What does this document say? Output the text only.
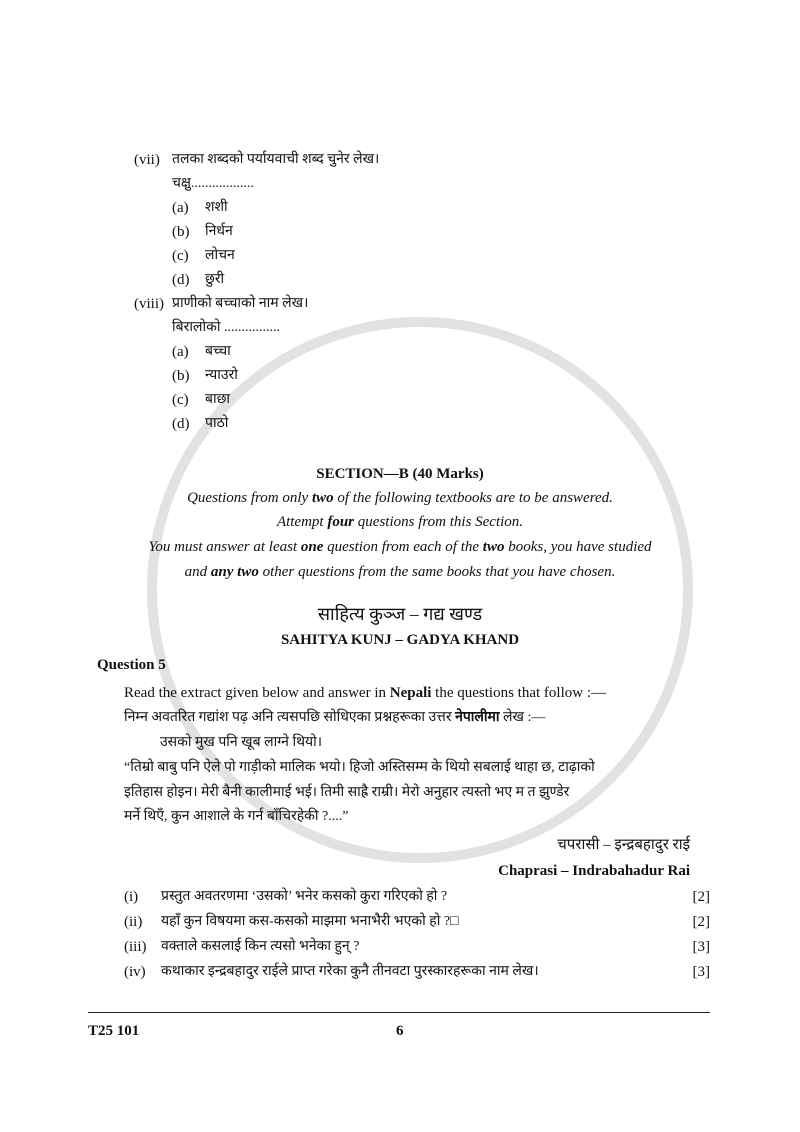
(vii) तलका शब्दको पर्यायवाची शब्द चुनेर लेख।
चक्षु..................
(a)	शशी
(b)	निर्धन
(c)	लोचन
(d)	छुरी
(viii) प्राणीको बच्चाको नाम लेख।
बिरालोको ................
(a)	बच्चा
(b)	न्याउरो
(c)	बाछा
(d)	पाठो
SECTION—B (40 Marks)
Questions from only two of the following textbooks are to be answered.
Attempt four questions from this Section.
You must answer at least one question from each of the two books, you have studied
and any two other questions from the same books that you have chosen.
साहित्य कुञ्ज – गद्य खण्ड
SAHITYA KUNJ – GADYA KHAND
Question 5
Read the extract given below and answer in Nepali the questions that follow :—
निम्न अवतरित गद्यांश पढ़ अनि त्यसपछि सोधिएका प्रश्नहरूका उत्तर नेपालीमा लेख :—
उसको मुख पनि खूब लाग्ने थियो।
“तिम्रो बाबु पनि ऐले पो गाड़ीको मालिक भयो। हिजो अस्तिसम्म के थियो सबलाई थाहा छ, टाढ़ाको
इतिहास होइन। मेरी बैनी कालीमाई भई। तिमी साह्रै राम्री। मेरो अनुहार त्यस्तो भए म त झुण्डेर
मर्ने थिएँ, कुन आशाले के गर्न बाँचिरहेकी ?....”
चपरासी – इन्द्रबहादुर राई
Chaprasi – Indrabahadur Rai
(i)	प्रस्तुत अवतरणमा ‘उसको’ भनेर कसको कुरा गरिएको हो ?	[2]
(ii)	यहाँ कुन विषयमा कस-कसको माझमा भनाभैरी भएको हो ?□	[2]
(iii)	वक्ताले कसलाई किन त्यसो भनेका हुन् ?	[3]
(iv)	कथाकार इन्द्रबहादुर राईले प्राप्त गरेका कुनै तीनवटा पुरस्कारहरूका नाम लेख।	[3]
T25 101	6
